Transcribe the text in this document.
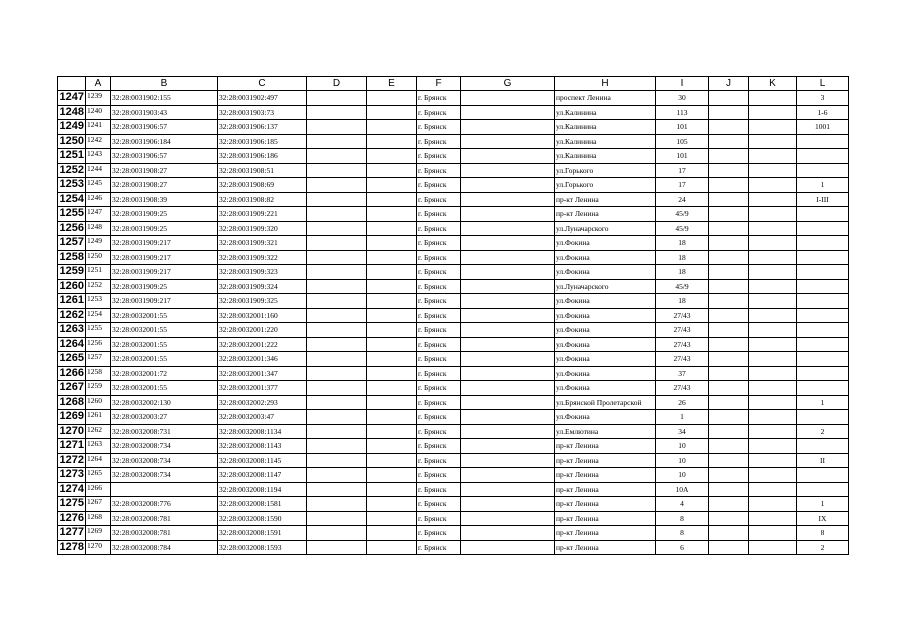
	A	B	C	D	E	F	G	H	I	J	K	L
1247	1239	32:28:0031902:155	32:28:0031902:497			г. Брянск		проспект Ленина	30			3
1248	1240	32:28:0031903:43	32:28:0031903:73			г. Брянск		ул.Калинина	113			1-6
1249	1241	32:28:0031906:57	32:28:0031906:137			г. Брянск		ул.Калинина	101			1001
1250	1242	32:28:0031906:184	32:28:0031906:185			г. Брянск		ул.Калинина	105			
1251	1243	32:28:0031906:57	32:28:0031906:186			г. Брянск		ул.Калинина	101			
1252	1244	32:28:0031908:27	32:28:0031908:51			г. Брянск		ул.Горького	17			
1253	1245	32:28:0031908:27	32:28:0031908:69			г. Брянск		ул.Горького	17			1
1254	1246	32:28:0031908:39	32:28:0031908:82			г. Брянск		пр-кт Ленина	24			I-III
1255	1247	32:28:0031909:25	32:28:0031909:221			г. Брянск		пр-кт Ленина	45/9			
1256	1248	32:28:0031909:25	32:28:0031909:320			г. Брянск		ул.Луначарского	45/9			
1257	1249	32:28:0031909:217	32:28:0031909:321			г. Брянск		ул.Фокина	18			
1258	1250	32:28:0031909:217	32:28:0031909:322			г. Брянск		ул.Фокина	18			
1259	1251	32:28:0031909:217	32:28:0031909:323			г. Брянск		ул.Фокина	18			
1260	1252	32:28:0031909:25	32:28:0031909:324			г. Брянск		ул.Луначарского	45/9			
1261	1253	32:28:0031909:217	32:28:0031909:325			г. Брянск		ул.Фокина	18			
1262	1254	32:28:0032001:55	32:28:0032001:160			г. Брянск		ул.Фокина	27/43			
1263	1255	32:28:0032001:55	32:28:0032001:220			г. Брянск		ул.Фокина	27/43			
1264	1256	32:28:0032001:55	32:28:0032001:222			г. Брянск		ул.Фокина	27/43			
1265	1257	32:28:0032001:55	32:28:0032001:346			г. Брянск		ул.Фокина	27/43			
1266	1258	32:28:0032001:72	32:28:0032001:347			г. Брянск		ул.Фокина	37			
1267	1259	32:28:0032001:55	32:28:0032001:377			г. Брянск		ул.Фокина	27/43			
1268	1260	32:28:0032002:130	32:28:0032002:293			г. Брянск		ул.Брянской Пролетарской	26			1
1269	1261	32:28:0032003:27	32:28:0032003:47			г. Брянск		ул.Фокина	1			
1270	1262	32:28:0032008:731	32:28:0032008:1134			г. Брянск		ул.Емлютина	34			2
1271	1263	32:28:0032008:734	32:28:0032008:1143			г. Брянск		пр-кт Ленина	10			
1272	1264	32:28:0032008:734	32:28:0032008:1145			г. Брянск		пр-кт Ленина	10			II
1273	1265	32:28:0032008:734	32:28:0032008:1147			г. Брянск		пр-кт Ленина	10			
1274	1266		32:28:0032008:1194			г. Брянск		пр-кт Ленина	10А			
1275	1267	32:28:0032008:776	32:28:0032008:1581			г. Брянск		пр-кт Ленина	4			1
1276	1268	32:28:0032008:781	32:28:0032008:1590			г. Брянск		пр-кт Ленина	8			IX
1277	1269	32:28:0032008:781	32:28:0032008:1591			г. Брянск		пр-кт Ленина	8			8
1278	1270	32:28:0032008:784	32:28:0032008:1593			г. Брянск		пр-кт Ленина	6			2
